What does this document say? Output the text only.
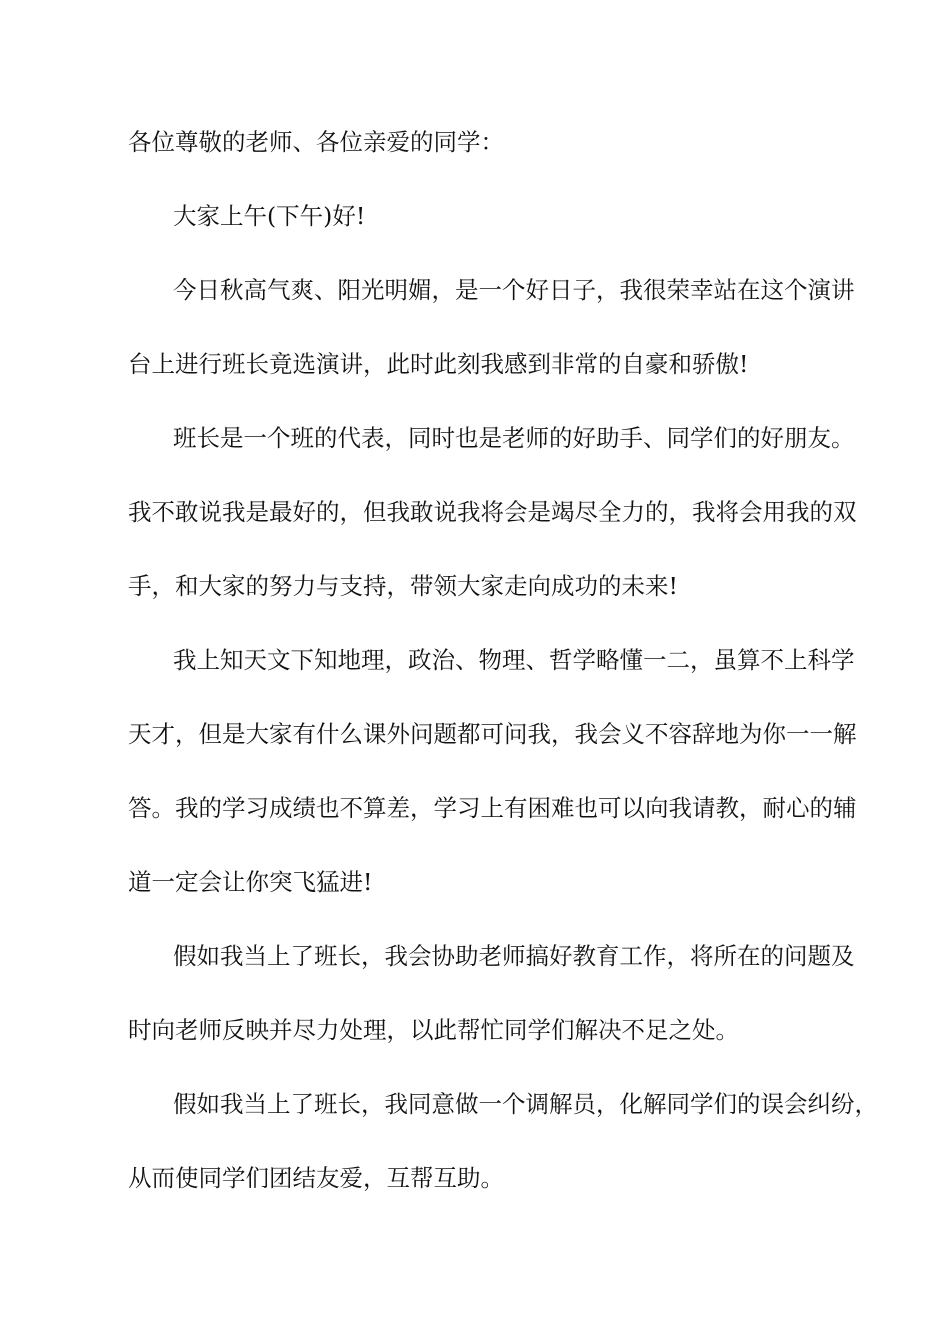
各位尊敬的老师、各位亲爱的同学：

大家上午(下午)好!

今日秋高气爽、阳光明媚，是一个好日子，我很荣幸站在这个演讲

台上进行班长竟选演讲，此时此刻我感到非常的自豪和骄傲!

班长是一个班的代表，同时也是老师的好助手、同学们的好朋友。

我不敢说我是最好的，但我敢说我将会是竭尽全力的，我将会用我的双

手，和大家的努力与支持，带领大家走向成功的未来!

我上知天文下知地理，政治、物理、哲学略懂一二，虽算不上科学

天才，但是大家有什么课外问题都可问我，我会义不容辞地为你一一解

答。我的学习成绩也不算差，学习上有困难也可以向我请教，耐心的辅

道一定会让你突飞猛进!

假如我当上了班长，我会协助老师搞好教育工作，将所在的问题及

时向老师反映并尽力处理，以此帮忙同学们解决不足之处。

假如我当上了班长，我同意做一个调解员，化解同学们的误会纠纷，

从而使同学们团结友爱，互帮互助。
